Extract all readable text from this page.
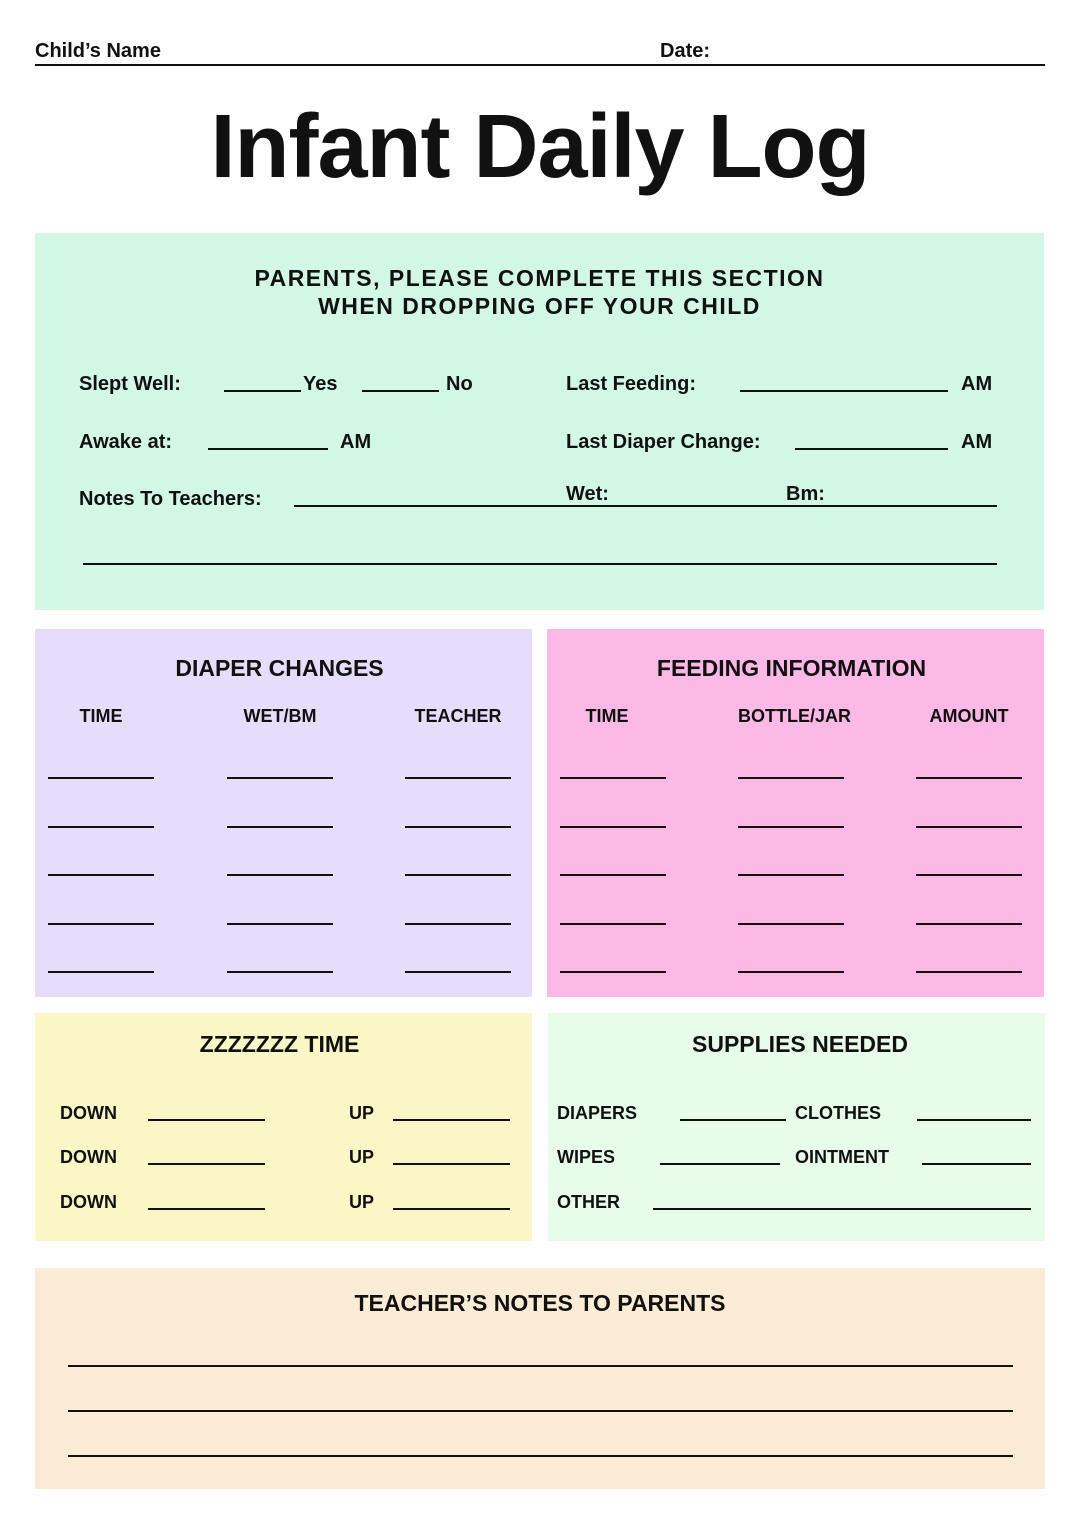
Child’s Name	Date:
Infant Daily Log
PARENTS, PLEASE COMPLETE THIS SECTION
WHEN DROPPING OFF YOUR CHILD
Slept Well:	Yes	No	Last Feeding:	AM
Awake at:	AM	Last Diaper Change:	AM
Notes To Teachers:	Wet:	Bm:
DIAPER CHANGES
TIME	WET/BM	TEACHER
FEEDING INFORMATION
TIME	BOTTLE/JAR	AMOUNT
ZZZZZZZ TIME
DOWN	UP
DOWN	UP
DOWN	UP
SUPPLIES NEEDED
DIAPERS	CLOTHES
WIPES	OINTMENT
OTHER
TEACHER’S NOTES TO PARENTS
